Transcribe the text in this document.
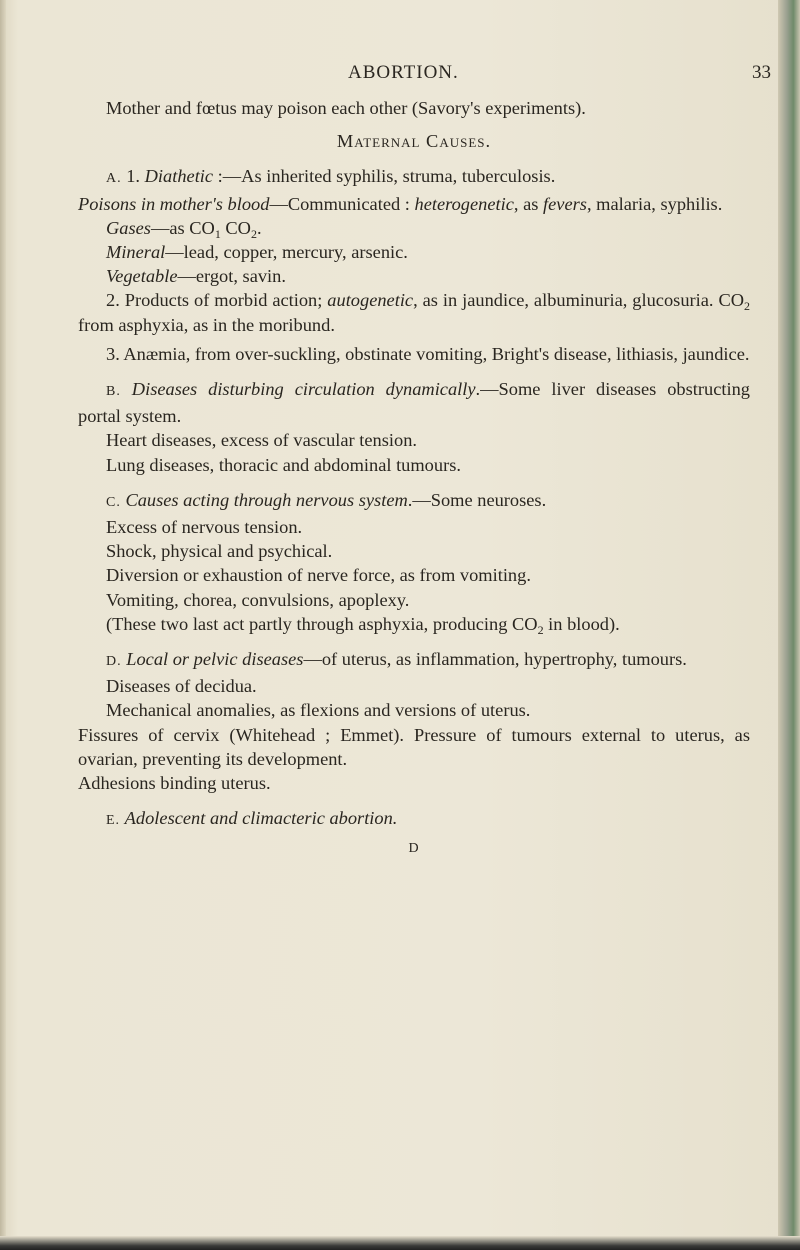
ABORTION.	33

Mother and fœtus may poison each other (Savory's experiments).

Maternal Causes.

A. 1. Diathetic :—As inherited syphilis, struma, tuberculosis.

Poisons in mother's blood—Communicated : heterogenetic, as fevers, malaria, syphilis.

Gases—as $CO_1$ $CO_2$.

Mineral—lead, copper, mercury, arsenic.

Vegetable—ergot, savin.

2. Products of morbid action; autogenetic, as in jaundice, albuminuria, glucosuria. $CO_2$ from asphyxia, as in the moribund.

3. Anæmia, from over-suckling, obstinate vomiting, Bright's disease, lithiasis, jaundice.

B. Diseases disturbing circulation dynamically.—Some liver diseases obstructing portal system.

Heart diseases, excess of vascular tension.

Lung diseases, thoracic and abdominal tumours.

C. Causes acting through nervous system.—Some neuroses.

Excess of nervous tension.

Shock, physical and psychical.

Diversion or exhaustion of nerve force, as from vomiting.

Vomiting, chorea, convulsions, apoplexy.

(These two last act partly through asphyxia, producing $CO_2$ in blood).

D. Local or pelvic diseases—of uterus, as inflammation, hypertrophy, tumours.

Diseases of decidua.

Mechanical anomalies, as flexions and versions of uterus.

Fissures of cervix (Whitehead ; Emmet). Pressure of tumours external to uterus, as ovarian, preventing its development.

Adhesions binding uterus.

E. Adolescent and climacteric abortion.

D
